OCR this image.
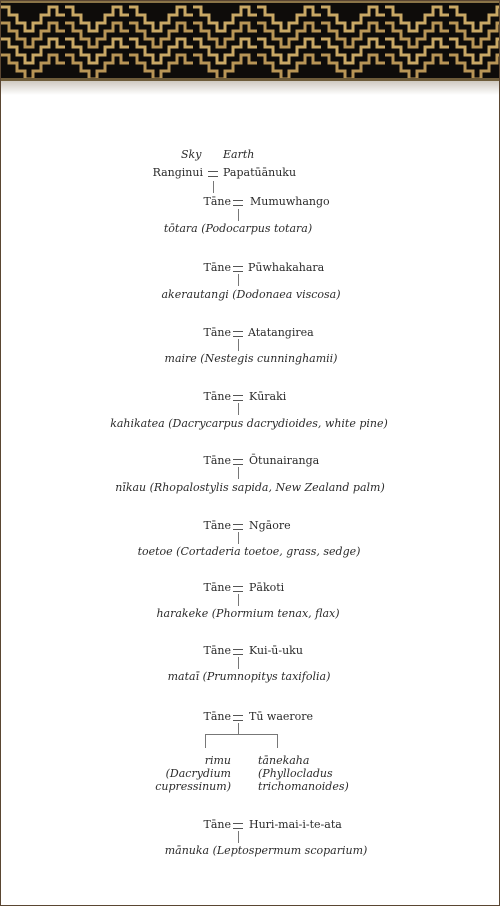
Sky Earth
Ranginui Papatūānuku
Tāne Mumuwhango
tōtara (Podocarpus totara)
Tāne Pūwhakahara
akerautangi (Dodonaea viscosa)
Tāne Atatangirea
maire (Nestegis cunninghamii)
Tāne Kūraki
kahikatea (Dacrycarpus dacrydioides, white pine)
Tāne Ōtunairanga
nīkau (Rhopalostylis sapida, New Zealand palm)
Tāne Ngāore
toetoe (Cortaderia toetoe, grass, sedge)
Tāne Pākoti
harakeke (Phormium tenax, flax)
Tāne Kui-ū-uku
mataī (Prumnopitys taxifolia)
Tāne Tū waerore
rimu
(Dacrydium
cupressinum)
tānekaha
(Phyllocladus
trichomanoides)
Tāne Huri-mai-i-te-ata
mānuka (Leptospermum scoparium)
